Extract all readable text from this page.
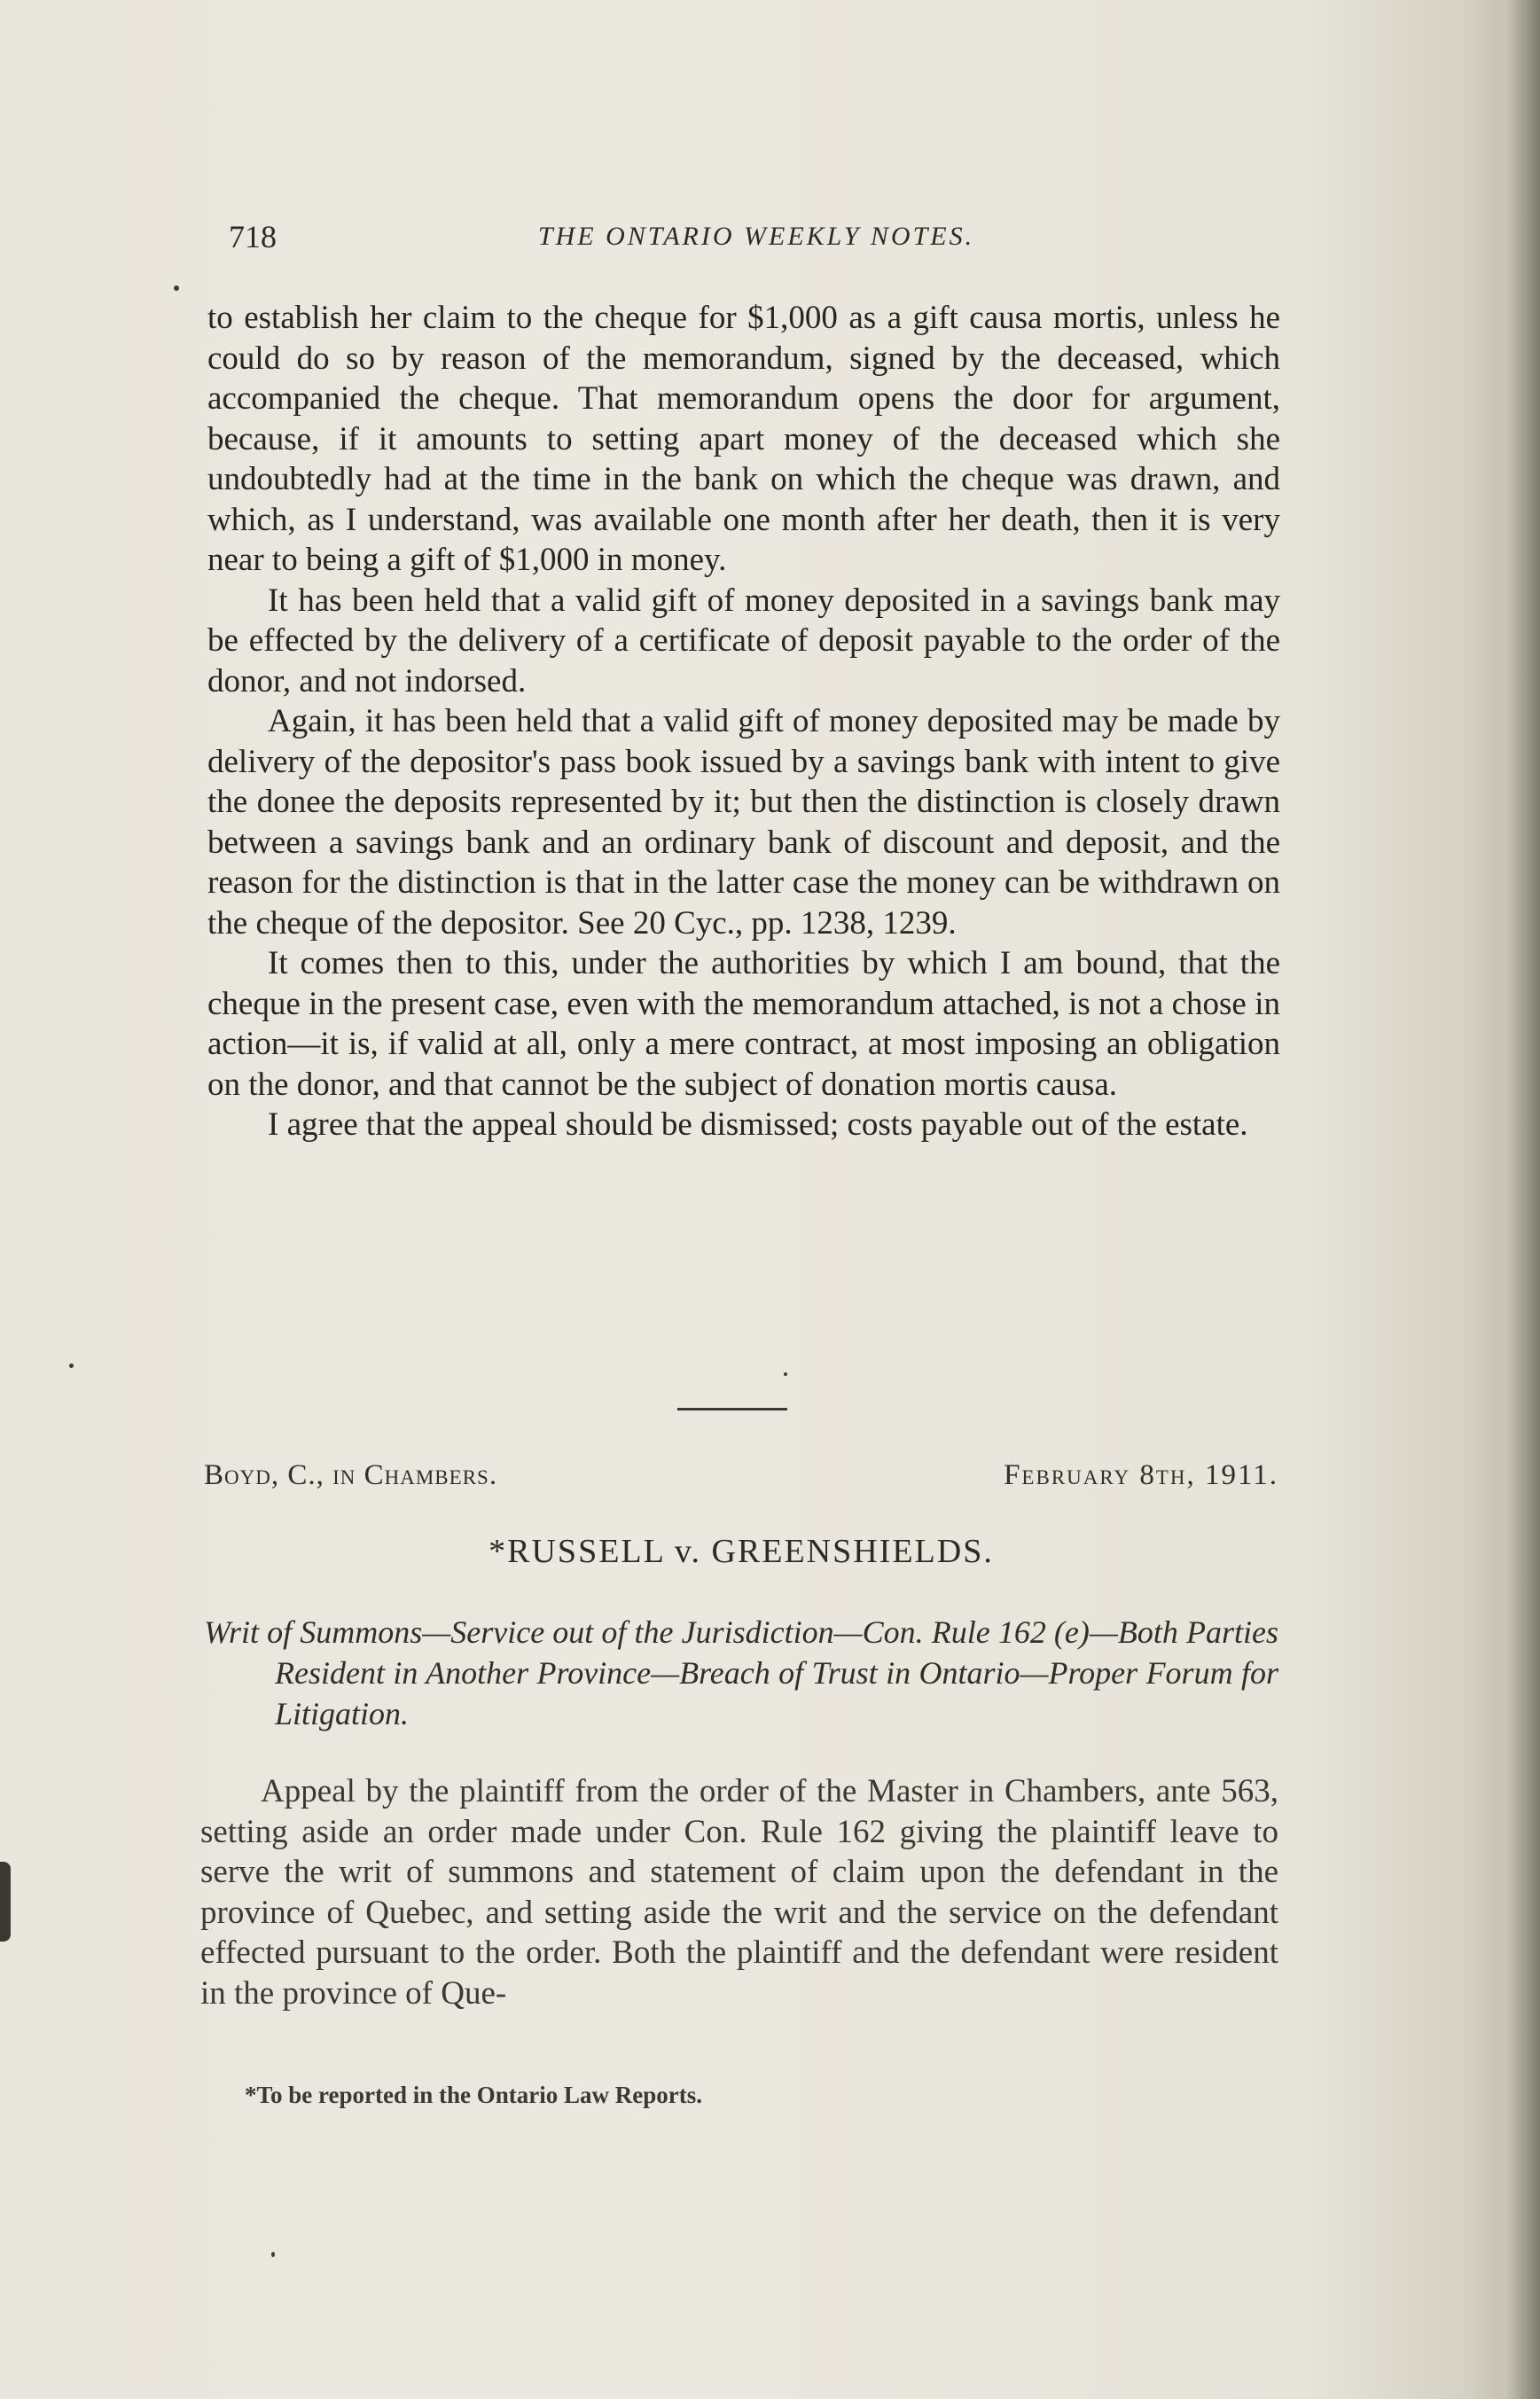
718	THE ONTARIO WEEKLY NOTES.

to establish her claim to the cheque for $1,000 as a gift causa mortis, unless he could do so by reason of the memorandum, signed by the deceased, which accompanied the cheque. That memorandum opens the door for argument, because, if it amounts to setting apart money of the deceased which she undoubtedly had at the time in the bank on which the cheque was drawn, and which, as I understand, was available one month after her death, then it is very near to being a gift of $1,000 in money.

It has been held that a valid gift of money deposited in a savings bank may be effected by the delivery of a certificate of deposit payable to the order of the donor, and not indorsed.

Again, it has been held that a valid gift of money deposited may be made by delivery of the depositor's pass book issued by a savings bank with intent to give the donee the deposits represented by it; but then the distinction is closely drawn between a savings bank and an ordinary bank of discount and deposit, and the reason for the distinction is that in the latter case the money can be withdrawn on the cheque of the depositor. See 20 Cyc., pp. 1238, 1239.

It comes then to this, under the authorities by which I am bound, that the cheque in the present case, even with the memorandum attached, is not a chose in action—it is, if valid at all, only a mere contract, at most imposing an obligation on the donor, and that cannot be the subject of donation mortis causa.

I agree that the appeal should be dismissed; costs payable out of the estate.

Boyd, C., in Chambers.	February 8th, 1911.
*RUSSELL v. GREENSHIELDS.
Writ of Summons—Service out of the Jurisdiction—Con. Rule 162 (e)—Both Parties Resident in Another Province—Breach of Trust in Ontario—Proper Forum for Litigation.
Appeal by the plaintiff from the order of the Master in Chambers, ante 563, setting aside an order made under Con. Rule 162 giving the plaintiff leave to serve the writ of summons and statement of claim upon the defendant in the province of Quebec, and setting aside the writ and the service on the defendant effected pursuant to the order. Both the plaintiff and the defendant were resident in the province of Que-
*To be reported in the Ontario Law Reports.
